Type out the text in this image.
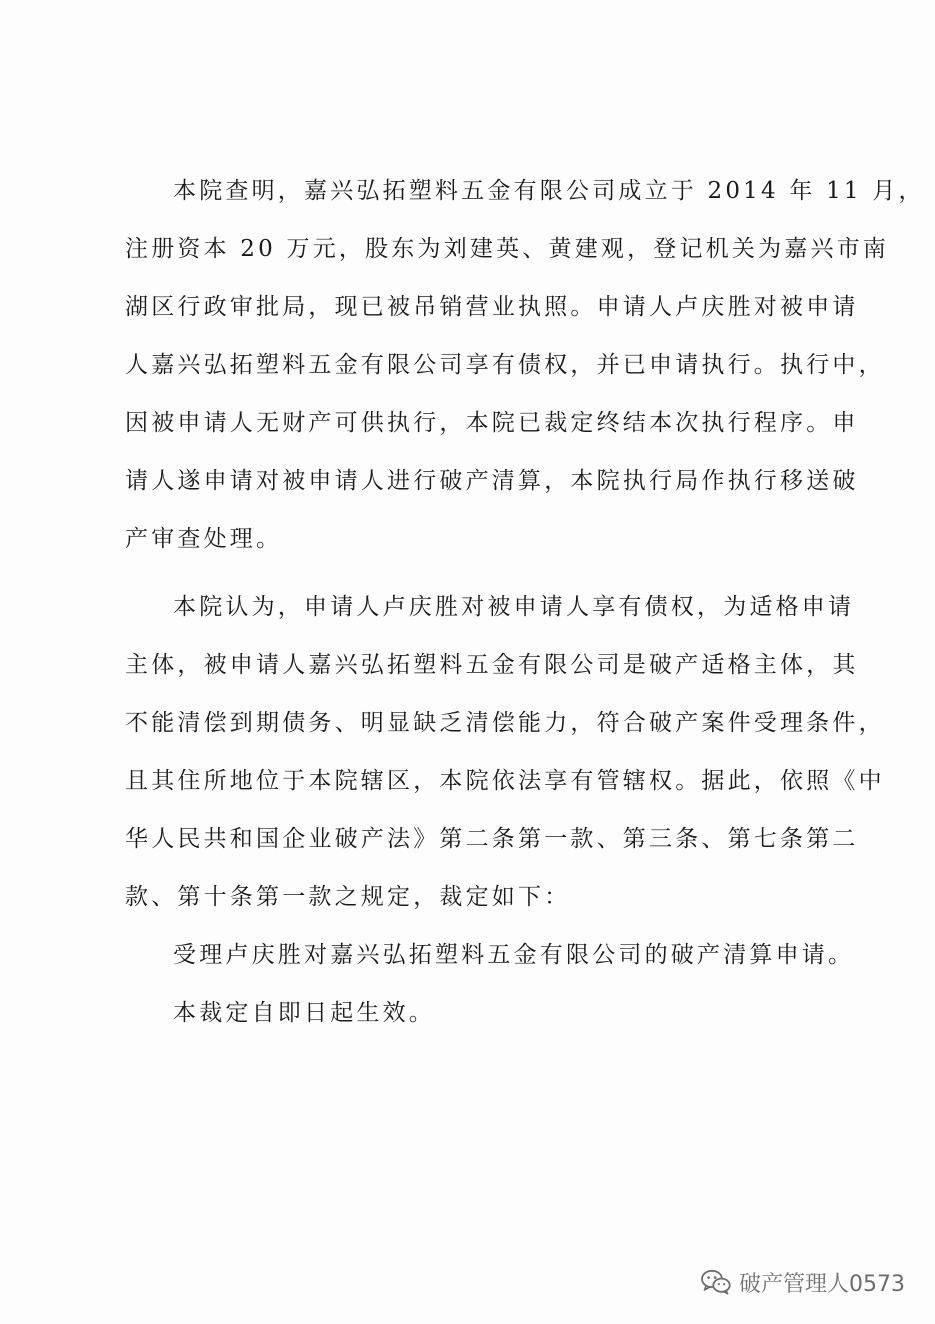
本院查明，嘉兴弘拓塑料五金有限公司成立于 2014 年 11 月，
注册资本 20 万元，股东为刘建英、黄建观，登记机关为嘉兴市南
湖区行政审批局，现已被吊销营业执照。申请人卢庆胜对被申请
人嘉兴弘拓塑料五金有限公司享有债权，并已申请执行。执行中，
因被申请人无财产可供执行，本院已裁定终结本次执行程序。申
请人遂申请对被申请人进行破产清算，本院执行局作执行移送破
产审查处理。
本院认为，申请人卢庆胜对被申请人享有债权，为适格申请
主体，被申请人嘉兴弘拓塑料五金有限公司是破产适格主体，其
不能清偿到期债务、明显缺乏清偿能力，符合破产案件受理条件，
且其住所地位于本院辖区，本院依法享有管辖权。据此，依照《中
华人民共和国企业破产法》第二条第一款、第三条、第七条第二
款、第十条第一款之规定，裁定如下：
受理卢庆胜对嘉兴弘拓塑料五金有限公司的破产清算申请。
本裁定自即日起生效。
破产管理人0573
